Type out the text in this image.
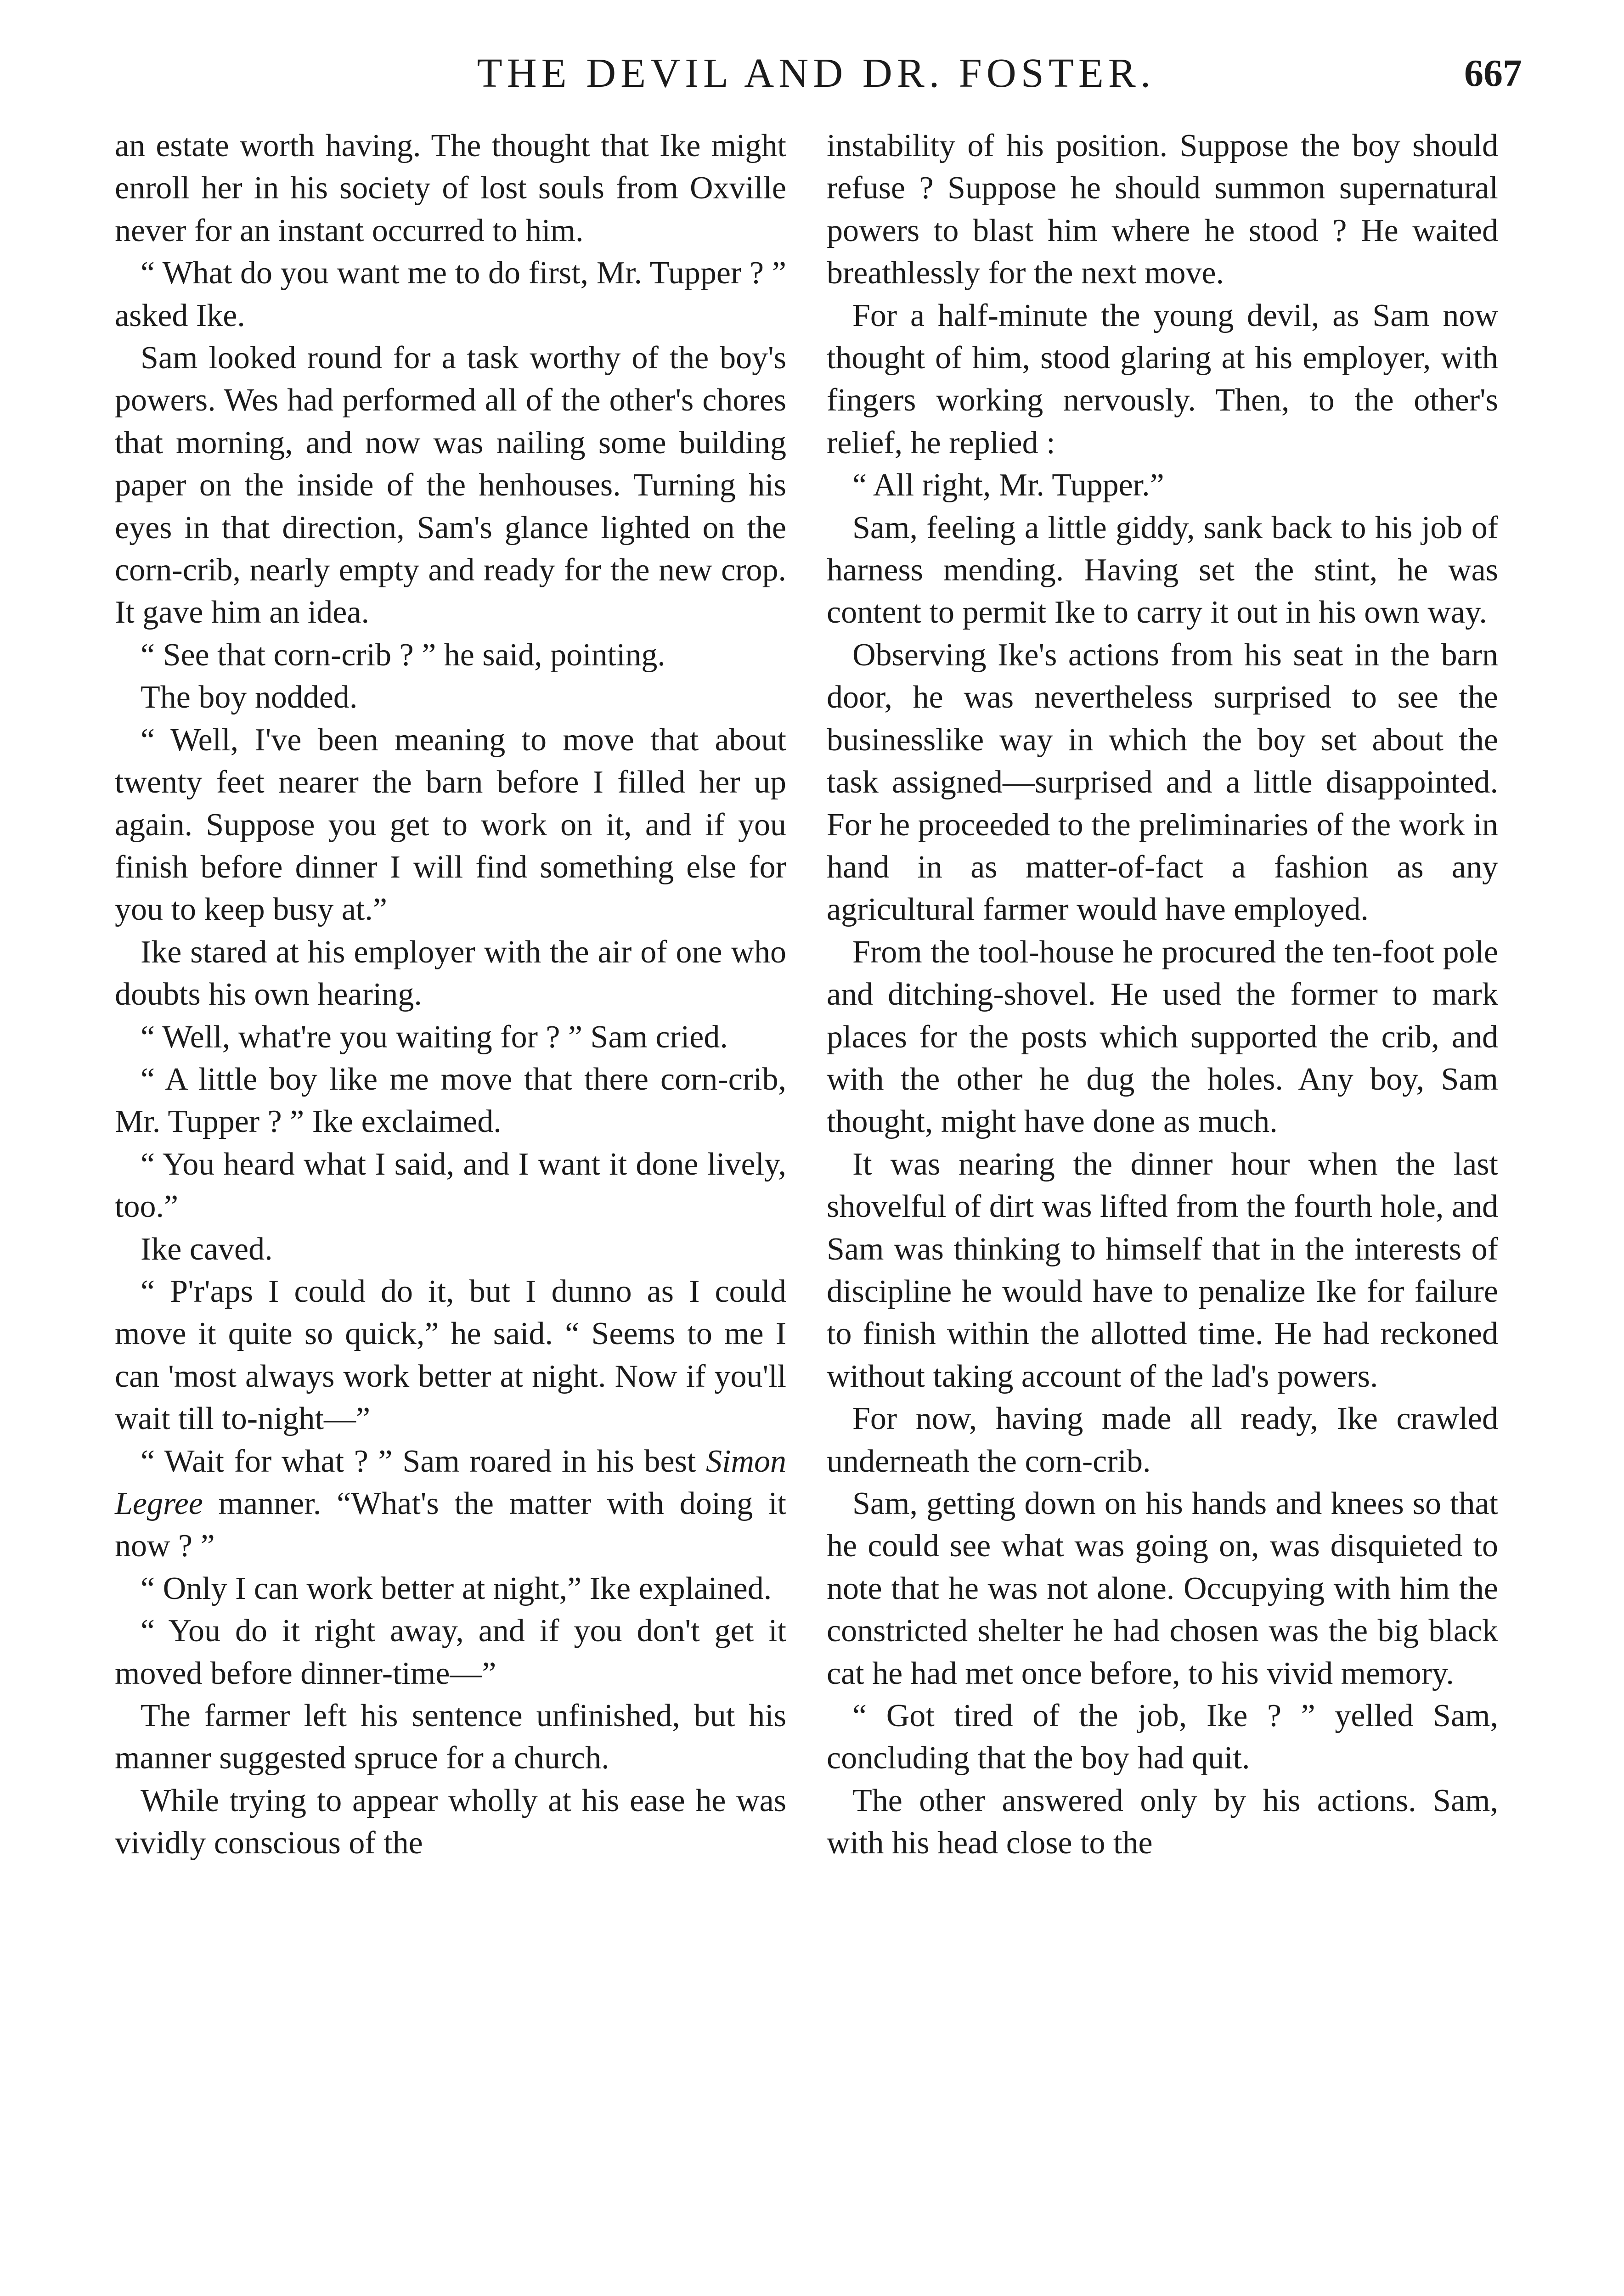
THE DEVIL AND DR. FOSTER.	667

an estate worth having. The thought that Ike might enroll her in his society of lost souls from Oxville never for an instant occurred to him.

“ What do you want me to do first, Mr. Tupper ? ” asked Ike.

Sam looked round for a task worthy of the boy's powers. Wes had performed all of the other's chores that morning, and now was nailing some building paper on the inside of the henhouses. Turning his eyes in that direction, Sam's glance lighted on the corn-crib, nearly empty and ready for the new crop. It gave him an idea.

“ See that corn-crib ? ” he said, pointing.

The boy nodded.

“ Well, I've been meaning to move that about twenty feet nearer the barn before I filled her up again. Suppose you get to work on it, and if you finish before dinner I will find something else for you to keep busy at.”

Ike stared at his employer with the air of one who doubts his own hearing.

“ Well, what're you waiting for ? ” Sam cried.

“ A little boy like me move that there corn-crib, Mr. Tupper ? ” Ike exclaimed.

“ You heard what I said, and I want it done lively, too.”

Ike caved.

“ P'r'aps I could do it, but I dunno as I could move it quite so quick,” he said. “ Seems to me I can 'most always work better at night. Now if you'll wait till to-night—”

“ Wait for what ? ” Sam roared in his best Simon Legree manner. “What's the matter with doing it now ? ”

“ Only I can work better at night,” Ike explained.

“ You do it right away, and if you don't get it moved before dinner-time—”

The farmer left his sentence unfinished, but his manner suggested spruce for a church.

While trying to appear wholly at his ease he was vividly conscious of the

instability of his position. Suppose the boy should refuse ? Suppose he should summon supernatural powers to blast him where he stood ? He waited breathlessly for the next move.

For a half-minute the young devil, as Sam now thought of him, stood glaring at his employer, with fingers working nervously. Then, to the other's relief, he replied :

“ All right, Mr. Tupper.”

Sam, feeling a little giddy, sank back to his job of harness mending. Having set the stint, he was content to permit Ike to carry it out in his own way.

Observing Ike's actions from his seat in the barn door, he was nevertheless surprised to see the businesslike way in which the boy set about the task assigned—surprised and a little disappointed. For he proceeded to the preliminaries of the work in hand in as matter-of-fact a fashion as any agricultural farmer would have employed.

From the tool-house he procured the ten-foot pole and ditching-shovel. He used the former to mark places for the posts which supported the crib, and with the other he dug the holes. Any boy, Sam thought, might have done as much.

It was nearing the dinner hour when the last shovelful of dirt was lifted from the fourth hole, and Sam was thinking to himself that in the interests of discipline he would have to penalize Ike for failure to finish within the allotted time. He had reckoned without taking account of the lad's powers.

For now, having made all ready, Ike crawled underneath the corn-crib.

Sam, getting down on his hands and knees so that he could see what was going on, was disquieted to note that he was not alone. Occupying with him the constricted shelter he had chosen was the big black cat he had met once before, to his vivid memory.

“ Got tired of the job, Ike ? ” yelled Sam, concluding that the boy had quit.

The other answered only by his actions. Sam, with his head close to the
